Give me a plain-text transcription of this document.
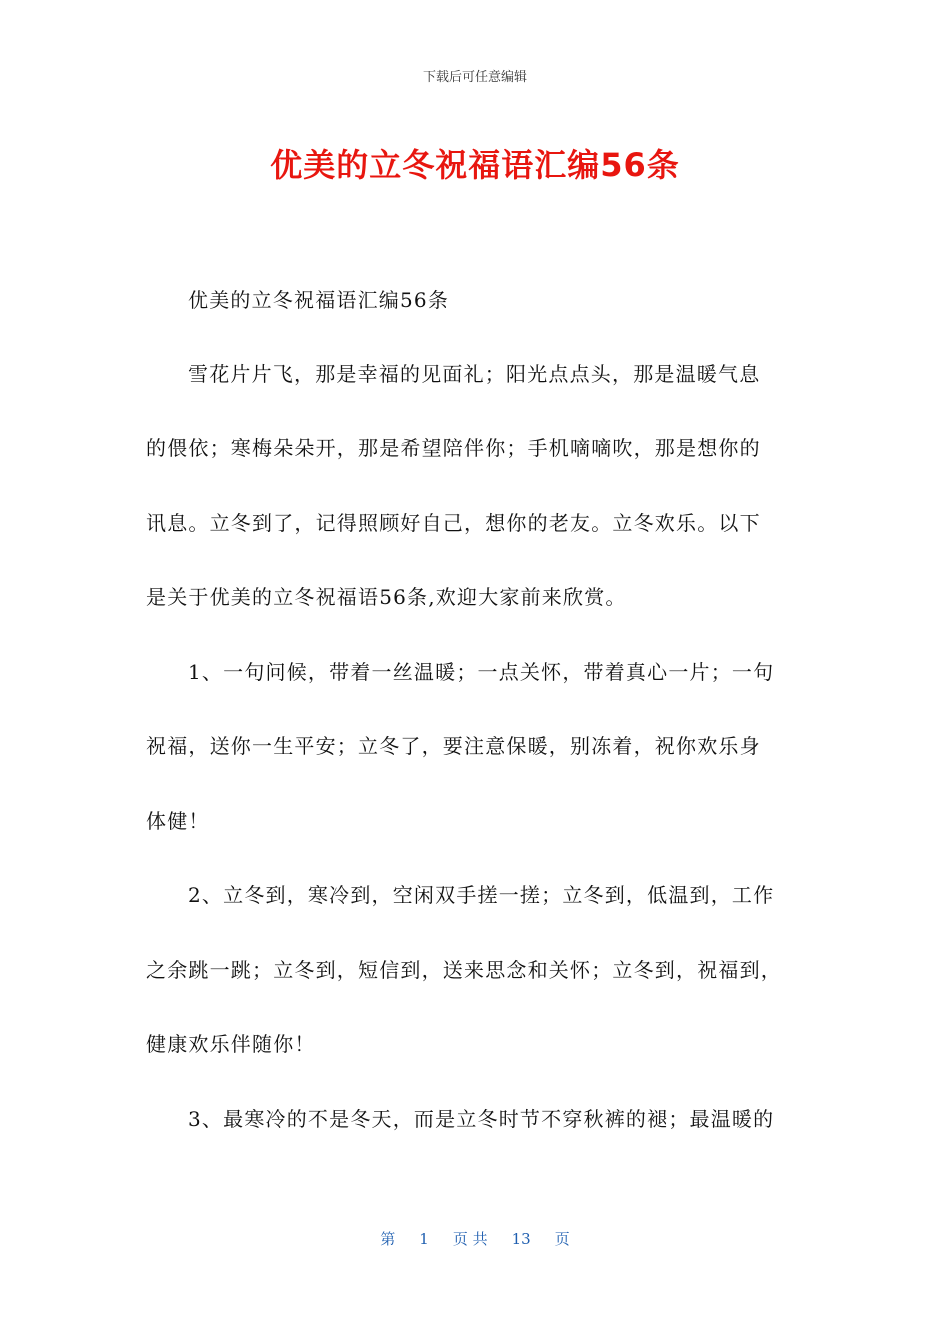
下载后可任意编辑
优美的立冬祝福语汇编56条
优美的立冬祝福语汇编56条
雪花片片飞，那是幸福的见面礼；阳光点点头，那是温暖气息
的偎依；寒梅朵朵开，那是希望陪伴你；手机嘀嘀吹，那是想你的
讯息。立冬到了，记得照顾好自己，想你的老友。立冬欢乐。以下
是关于优美的立冬祝福语56条,欢迎大家前来欣赏。
1、一句问候，带着一丝温暖；一点关怀，带着真心一片；一句
祝福，送你一生平安；立冬了，要注意保暖，别冻着，祝你欢乐身
体健！
2、立冬到，寒冷到，空闲双手搓一搓；立冬到，低温到，工作
之余跳一跳；立冬到，短信到，送来思念和关怀；立冬到，祝福到，
健康欢乐伴随你！
3、最寒冷的不是冬天，而是立冬时节不穿秋裤的褪；最温暖的
第 1 页 共 13 页
